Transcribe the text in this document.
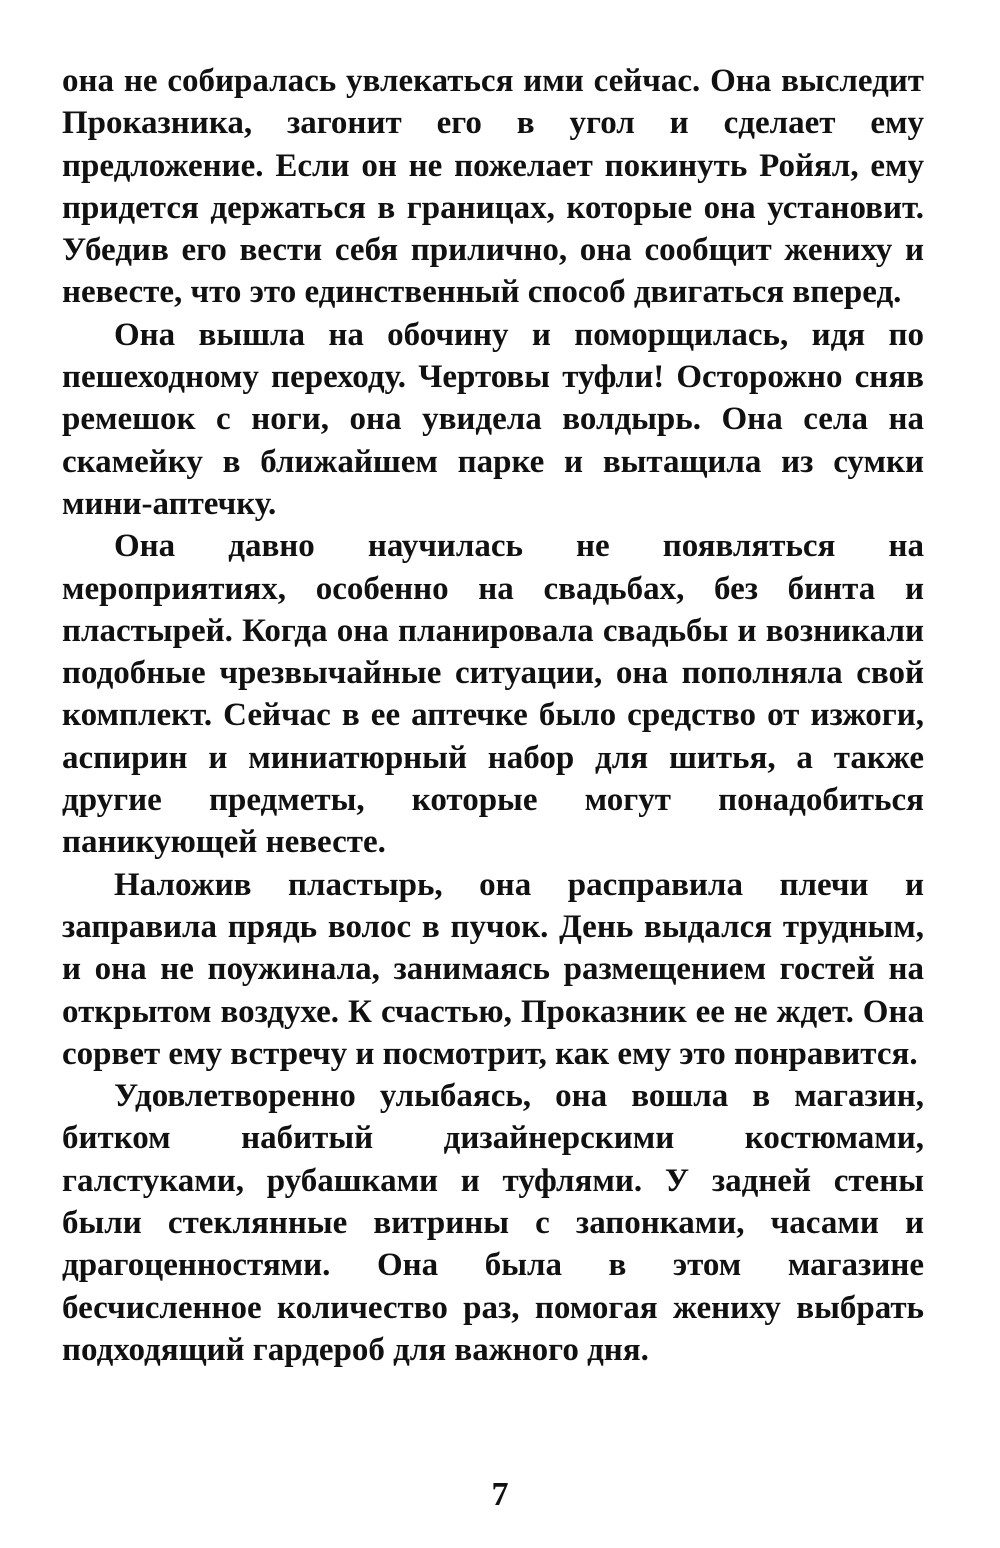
она не собиралась увлекаться ими сейчас. Она выследит Проказника, загонит его в угол и сделает ему предложение. Если он не пожелает покинуть Ройял, ему придется держаться в границах, которые она установит. Убедив его вести себя прилично, она сообщит жениху и невесте, что это единственный способ двигаться вперед.

Она вышла на обочину и поморщилась, идя по пешеходному переходу. Чертовы туфли! Осторожно сняв ремешок с ноги, она увидела волдырь. Она села на скамейку в ближайшем парке и вытащила из сумки мини-аптечку.

Она давно научилась не появляться на мероприятиях, особенно на свадьбах, без бинта и пластырей. Когда она планировала свадьбы и возникали подобные чрезвычайные ситуации, она пополняла свой комплект. Сейчас в ее аптечке было средство от изжоги, аспирин и миниатюрный набор для шитья, а также другие предметы, которые могут понадобиться паникующей невесте.

Наложив пластырь, она расправила плечи и заправила прядь волос в пучок. День выдался трудным, и она не поужинала, занимаясь размещением гостей на открытом воздухе. К счастью, Проказник ее не ждет. Она сорвет ему встречу и посмотрит, как ему это понравится.

Удовлетворенно улыбаясь, она вошла в магазин, битком набитый дизайнерскими костюмами, галстуками, рубашками и туфлями. У задней стены были стеклянные витрины с запонками, часами и драгоценностями. Она была в этом магазине бесчисленное количество раз, помогая жениху выбрать подходящий гардероб для важного дня.

7
